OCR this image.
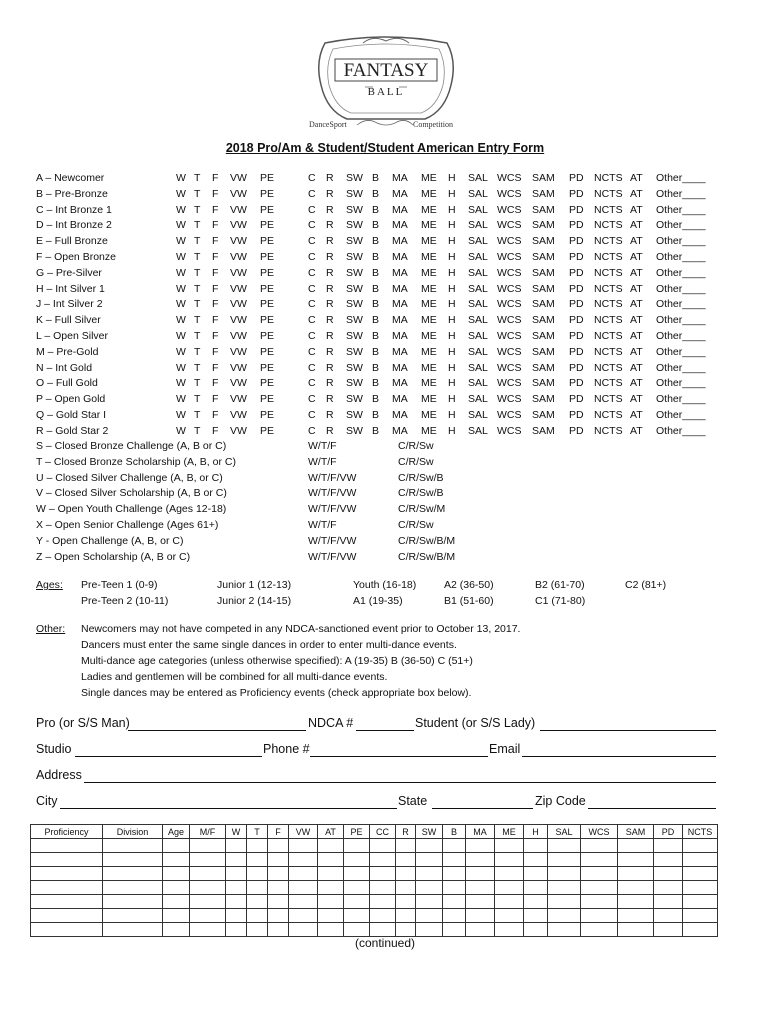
FANTASY
BALL
DanceSport	Competition
2018 Pro/Am & Student/Student American Entry Form
A – Newcomer	W T F VW PE	C R SW B MA ME H SAL WCS SAM PD NCTS AT Other____
B – Pre-Bronze	W T F VW PE	C R SW B MA ME H SAL WCS SAM PD NCTS AT Other____
C – Int Bronze 1	W T F VW PE	C R SW B MA ME H SAL WCS SAM PD NCTS AT Other____
D – Int Bronze 2	W T F VW PE	C R SW B MA ME H SAL WCS SAM PD NCTS AT Other____
E – Full Bronze	W T F VW PE	C R SW B MA ME H SAL WCS SAM PD NCTS AT Other____
F – Open Bronze	W T F VW PE	C R SW B MA ME H SAL WCS SAM PD NCTS AT Other____
G – Pre-Silver	W T F VW PE	C R SW B MA ME H SAL WCS SAM PD NCTS AT Other____
H – Int Silver 1	W T F VW PE	C R SW B MA ME H SAL WCS SAM PD NCTS AT Other____
J – Int Silver 2	W T F VW PE	C R SW B MA ME H SAL WCS SAM PD NCTS AT Other____
K – Full Silver	W T F VW PE	C R SW B MA ME H SAL WCS SAM PD NCTS AT Other____
L – Open Silver	W T F VW PE	C R SW B MA ME H SAL WCS SAM PD NCTS AT Other____
M – Pre-Gold	W T F VW PE	C R SW B MA ME H SAL WCS SAM PD NCTS AT Other____
N – Int Gold	W T F VW PE	C R SW B MA ME H SAL WCS SAM PD NCTS AT Other____
O – Full Gold	W T F VW PE	C R SW B MA ME H SAL WCS SAM PD NCTS AT Other____
P – Open Gold	W T F VW PE	C R SW B MA ME H SAL WCS SAM PD NCTS AT Other____
Q – Gold Star I	W T F VW PE	C R SW B MA ME H SAL WCS SAM PD NCTS AT Other____
R – Gold Star 2	W T F VW PE	C R SW B MA ME H SAL WCS SAM PD NCTS AT Other____
S – Closed Bronze Challenge (A, B or C)	W/T/F	C/R/Sw
T – Closed Bronze Scholarship (A, B, or C)	W/T/F	C/R/Sw
U – Closed Silver Challenge (A, B, or C)	W/T/F/VW	C/R/Sw/B
V – Closed Silver Scholarship (A, B or C)	W/T/F/VW	C/R/Sw/B
W – Open Youth Challenge (Ages 12-18)	W/T/F/VW	C/R/Sw/M
X – Open Senior Challenge (Ages 61+)	W/T/F	C/R/Sw
Y - Open Challenge (A, B, or C)	W/T/F/VW	C/R/Sw/B/M
Z – Open Scholarship (A, B or C)	W/T/F/VW	C/R/Sw/B/M
Ages: Pre-Teen 1 (0-9)	Junior 1 (12-13)	Youth (16-18)	A2 (36-50)	B2 (61-70)	C2 (81+)
Pre-Teen 2 (10-11)	Junior 2 (14-15)	A1 (19-35)	B1 (51-60)	C1 (71-80)
Other: Newcomers may not have competed in any NDCA-sanctioned event prior to October 13, 2017.
Dancers must enter the same single dances in order to enter multi-dance events.
Multi-dance age categories (unless otherwise specified): A (19-35) B (36-50) C (51+)
Ladies and gentlemen will be combined for all multi-dance events.
Single dances may be entered as Proficiency events (check appropriate box below).
Pro (or S/S Man)	NDCA #	Student (or S/S Lady)
Studio	Phone #	Email
Address
City	State	Zip Code
Proficiency	Division	Age	M/F	W	T	F	VW	AT	PE	CC	R	SW	B	MA	ME	H	SAL	WCS	SAM	PD	NCTS

(continued)
